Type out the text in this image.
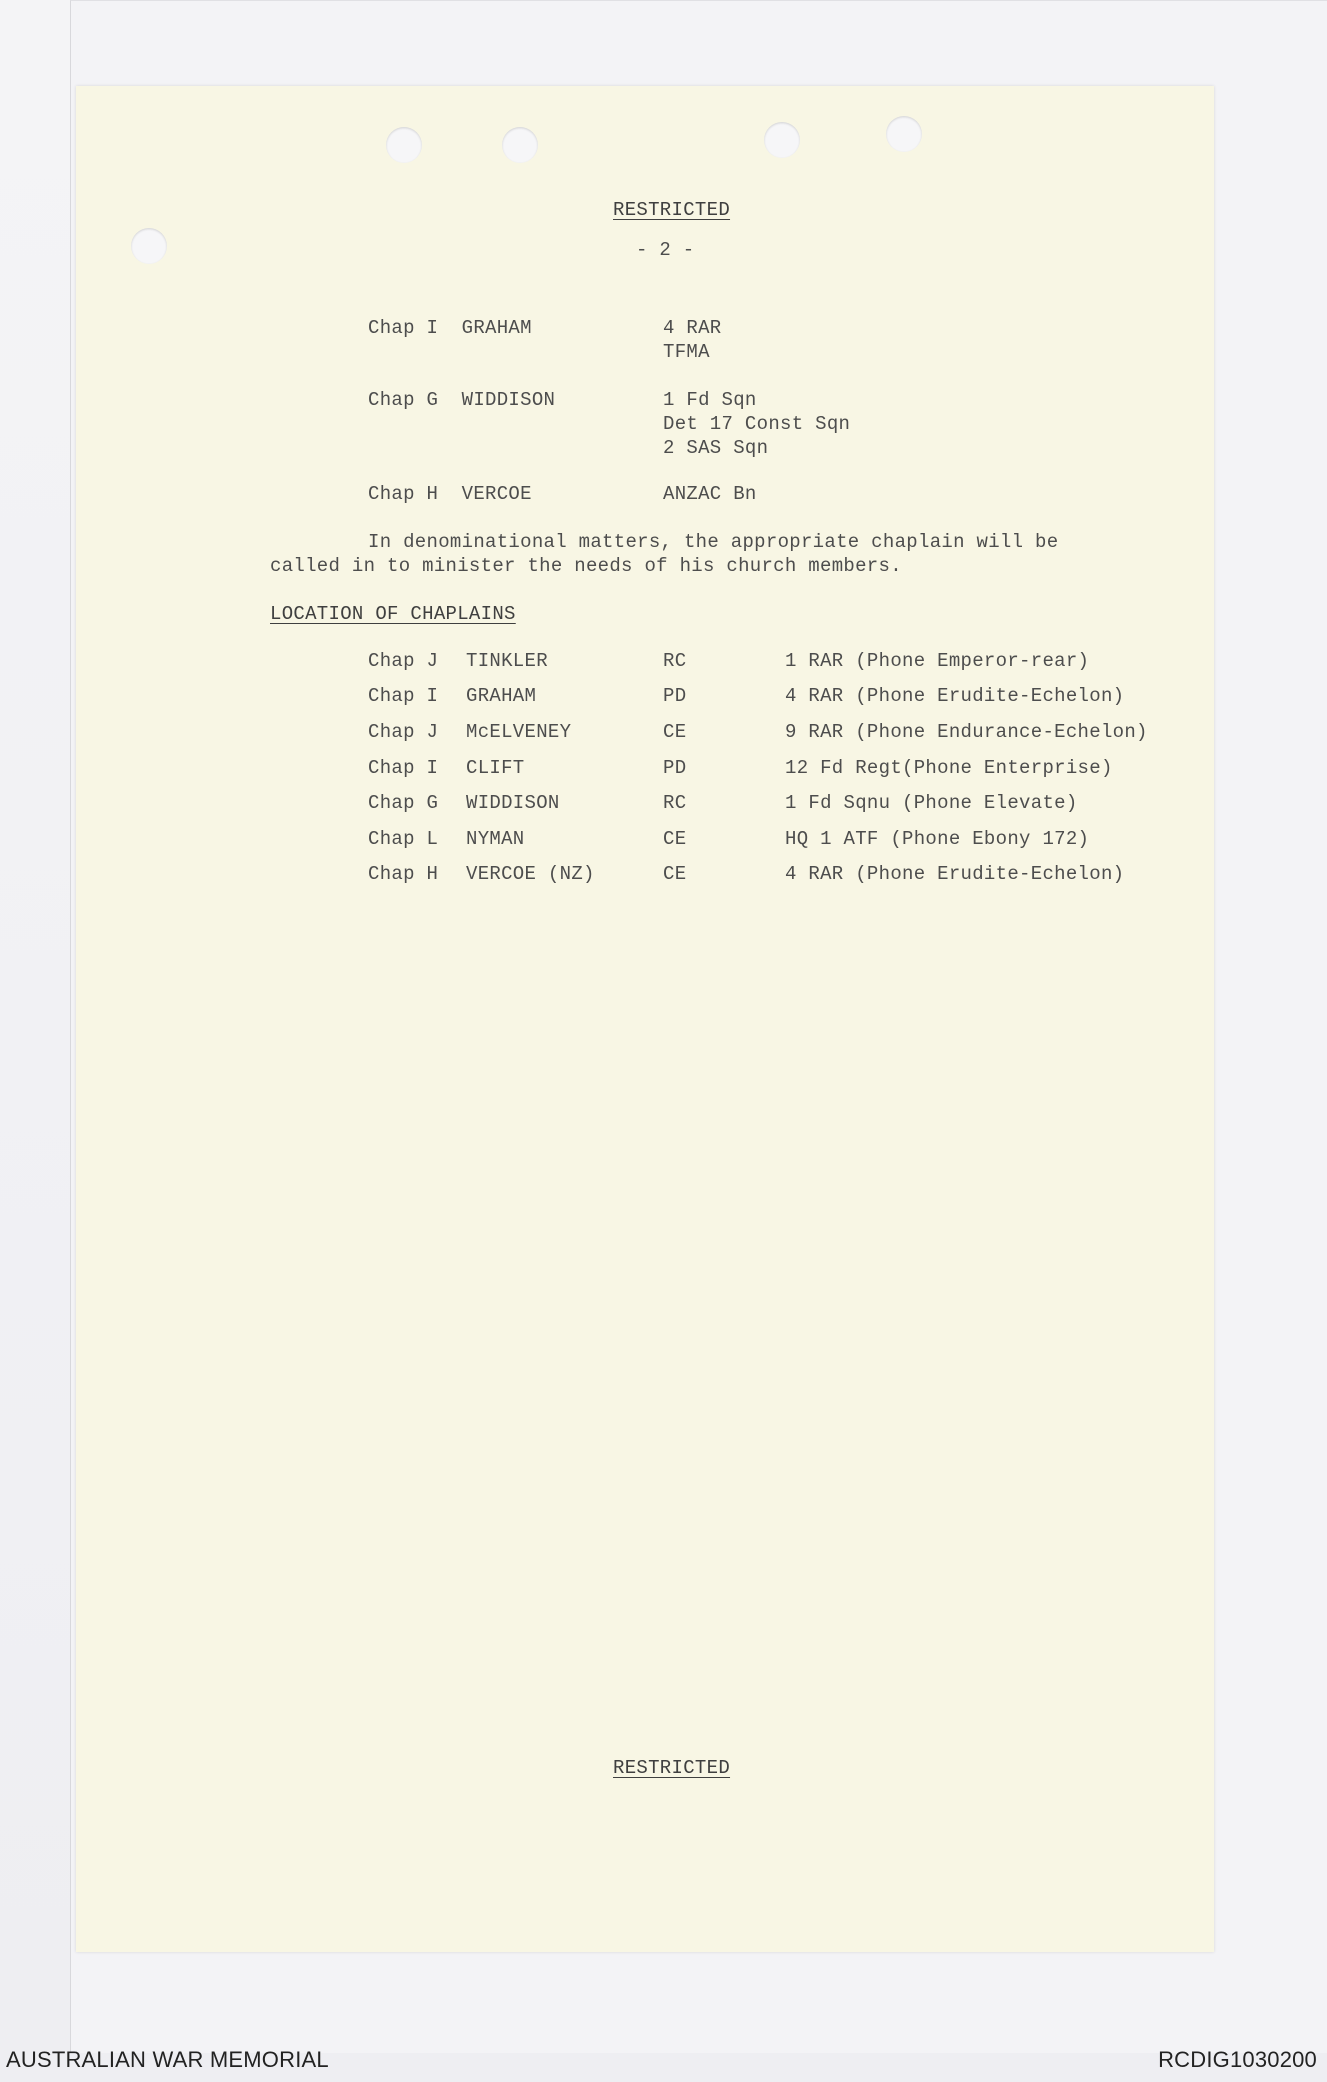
RESTRICTED
- 2 -
Chap I  GRAHAM	4 RAR
TFMA
Chap G  WIDDISON	1 Fd Sqn
Det 17 Const Sqn
2 SAS Sqn
Chap H  VERCOE	ANZAC Bn
In denominational matters, the appropriate chaplain will be
called in to minister the needs of his church members.
LOCATION OF CHAPLAINS
Chap J TINKLER	RC	1 RAR (Phone Emperor-rear)
Chap I GRAHAM	PD	4 RAR (Phone Erudite-Echelon)
Chap J McELVENEY	CE	9 RAR (Phone Endurance-Echelon)
Chap I CLIFT	PD	12 Fd Regt(Phone Enterprise)
Chap G WIDDISON	RC	1 Fd Sqnu (Phone Elevate)
Chap L NYMAN	CE	HQ 1 ATF (Phone Ebony 172)
Chap H VERCOE (NZ)	CE	4 RAR (Phone Erudite-Echelon)
RESTRICTED
AUSTRALIAN WAR MEMORIAL	RCDIG1030200
